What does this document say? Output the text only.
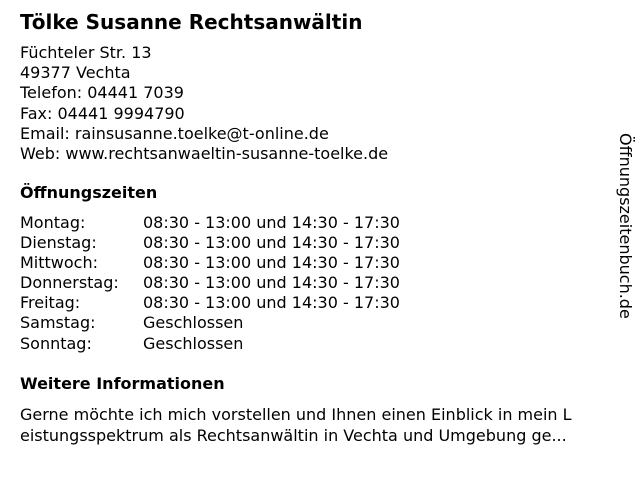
Tölke Susanne Rechtsanwältin
Füchteler Str. 13
49377 Vechta
Telefon: 04441 7039
Fax: 04441 9994790
Email: rainsusanne.toelke@t-online.de
Web: www.rechtsanwaeltin-susanne-toelke.de
Öffnungszeiten
Montag:	08:30 - 13:00 und 14:30 - 17:30
Dienstag:	08:30 - 13:00 und 14:30 - 17:30
Mittwoch:	08:30 - 13:00 und 14:30 - 17:30
Donnerstag: 08:30 - 13:00 und 14:30 - 17:30
Freitag:	08:30 - 13:00 und 14:30 - 17:30
Samstag:	Geschlossen
Sonntag:	Geschlossen
Weitere Informationen
Gerne möchte ich mich vorstellen und Ihnen einen Einblick in mein L
eistungsspektrum als Rechtsanwältin in Vechta und Umgebung ge...
Öffnungszeitenbuch.de
